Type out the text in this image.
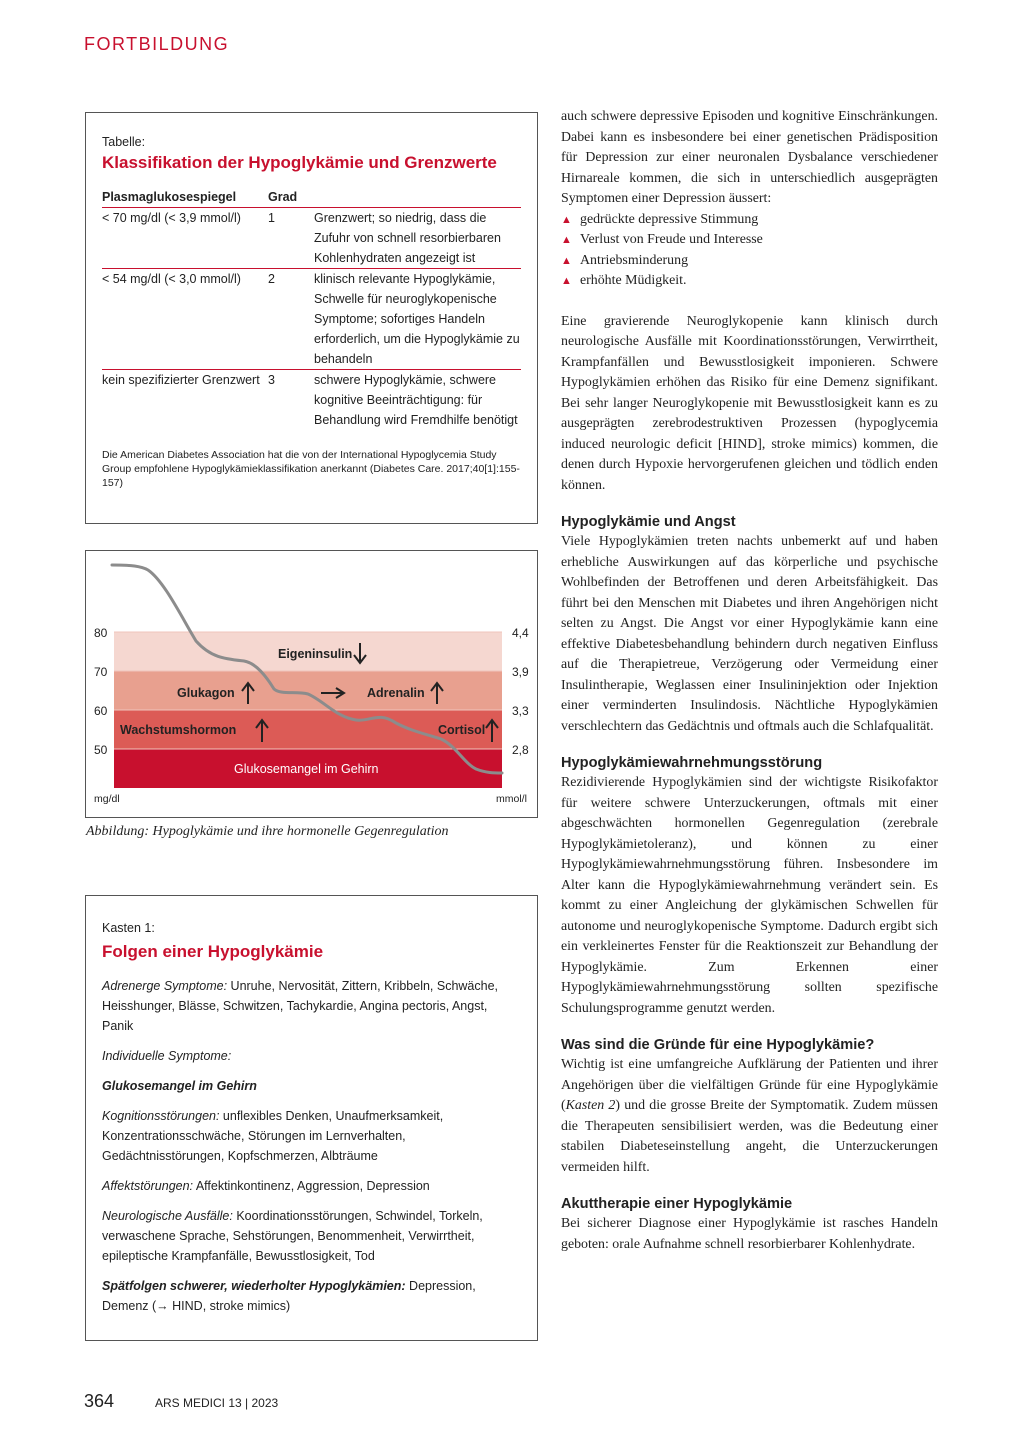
FORTBILDUNG
Tabelle:
Klassifikation der Hypoglykämie und Grenzwerte
Plasmaglukosespiegel	Grad	
< 70 mg/dl (< 3,9 mmol/l)	1	Grenzwert; so niedrig, dass die Zufuhr von schnell resorbierbaren Kohlenhydraten angezeigt ist
< 54 mg/dl (< 3,0 mmol/l)	2	klinisch relevante Hypoglykämie, Schwelle für neuroglykopenische Symptome; sofortiges Handeln erforderlich, um die Hypoglykämie zu behandeln
kein spezifizierter Grenzwert	3	schwere Hypoglykämie, schwere kognitive Beeinträchtigung: für Behandlung wird Fremdhilfe benötigt
Die American Diabetes Association hat die von der International Hypoglycemia Study Group empfohlene Hypoglykämieklassifikation anerkannt (Diabetes Care. 2017;40[1]:155-157)
80
70
60
50
4,4
3,9
3,3
2,8
mg/dl	mmol/l
Eigeninsulin
Glukagon	Adrenalin
Wachstumshormon	Cortisol
Glukosemangel im Gehirn
Abbildung: Hypoglykämie und ihre hormonelle Gegenregulation
Kasten 1:
Folgen einer Hypoglykämie

Adrenerge Symptome: Unruhe, Nervosität, Zittern, Kribbeln, Schwäche, Heisshunger, Blässe, Schwitzen, Tachykardie, Angina pectoris, Angst, Panik

Individuelle Symptome:

Glukosemangel im Gehirn

Kognitionsstörungen: unflexibles Denken, Unaufmerksamkeit, Konzentrationsschwäche, Störungen im Lernverhalten, Gedächtnisstörungen, Kopfschmerzen, Albträume

Affektstörungen: Affektinkontinenz, Aggression, Depression

Neurologische Ausfälle: Koordinationsstörungen, Schwindel, Torkeln, verwaschene Sprache, Sehstörungen, Benommenheit, Verwirrtheit, epileptische Krampfanfälle, Bewusstlosigkeit, Tod

Spätfolgen schwerer, wiederholter Hypoglykämien: Depression, Demenz (→ HIND, stroke mimics)

auch schwere depressive Episoden und kognitive Einschränkungen. Dabei kann es insbesondere bei einer genetischen Prädisposition für Depression zur einer neuronalen Dysbalance verschiedener Hirnareale kommen, die sich in unterschiedlich ausgeprägten Symptomen einer Depression äussert:

▲ gedrückte depressive Stimmung
▲ Verlust von Freude und Interesse
▲ Antriebsminderung
▲ erhöhte Müdigkeit.

Eine gravierende Neuroglykopenie kann klinisch durch neurologische Ausfälle mit Koordinationsstörungen, Verwirrtheit, Krampfanfällen und Bewusstlosigkeit imponieren. Schwere Hypoglykämien erhöhen das Risiko für eine Demenz signifikant. Bei sehr langer Neuroglykopenie mit Bewusstlosigkeit kann es zu ausgeprägten zerebrodestruktiven Prozessen (hypoglycemia induced neurologic deficit [HIND], stroke mimics) kommen, die denen durch Hypoxie hervorgerufenen gleichen und tödlich enden können.

Hypoglykämie und Angst

Viele Hypoglykämien treten nachts unbemerkt auf und haben erhebliche Auswirkungen auf das körperliche und psychische Wohlbefinden der Betroffenen und deren Arbeitsfähigkeit. Das führt bei den Menschen mit Diabetes und ihren Angehörigen nicht selten zu Angst. Die Angst vor einer Hypoglykämie kann eine effektive Diabetesbehandlung behindern durch negativen Einfluss auf die Therapietreue, Verzögerung oder Vermeidung einer Insulintherapie, Weglassen einer Insulininjektion oder Injektion einer verminderten Insulindosis. Nächtliche Hypoglykämien verschlechtern das Gedächtnis und oftmals auch die Schlafqualität.

Hypoglykämiewahrnehmungsstörung

Rezidivierende Hypoglykämien sind der wichtigste Risikofaktor für weitere schwere Unterzuckerungen, oftmals mit einer abgeschwächten hormonellen Gegenregulation (zerebrale Hypoglykämietoleranz), und können zu einer Hypoglykämiewahrnehmungsstörung führen. Insbesondere im Alter kann die Hypoglykämiewahrnehmung verändert sein. Es kommt zu einer Angleichung der glykämischen Schwellen für autonome und neuroglykopenische Symptome. Dadurch ergibt sich ein verkleinertes Fenster für die Reaktionszeit zur Behandlung der Hypoglykämie. Zum Erkennen einer Hypoglykämiewahrnehmungsstörung sollten spezifische Schulungsprogramme genutzt werden.

Was sind die Gründe für eine Hypoglykämie?

Wichtig ist eine umfangreiche Aufklärung der Patienten und ihrer Angehörigen über die vielfältigen Gründe für eine Hypoglykämie (Kasten 2) und die grosse Breite der Symptomatik. Zudem müssen die Therapeuten sensibilisiert werden, was die Bedeutung einer stabilen Diabeteseinstellung angeht, die Unterzuckerungen vermeiden hilft.

Akuttherapie einer Hypoglykämie

Bei sicherer Diagnose einer Hypoglykämie ist rasches Handeln geboten: orale Aufnahme schnell resorbierbarer Kohlenhydrate.

364	ARS MEDICI 13 | 2023
